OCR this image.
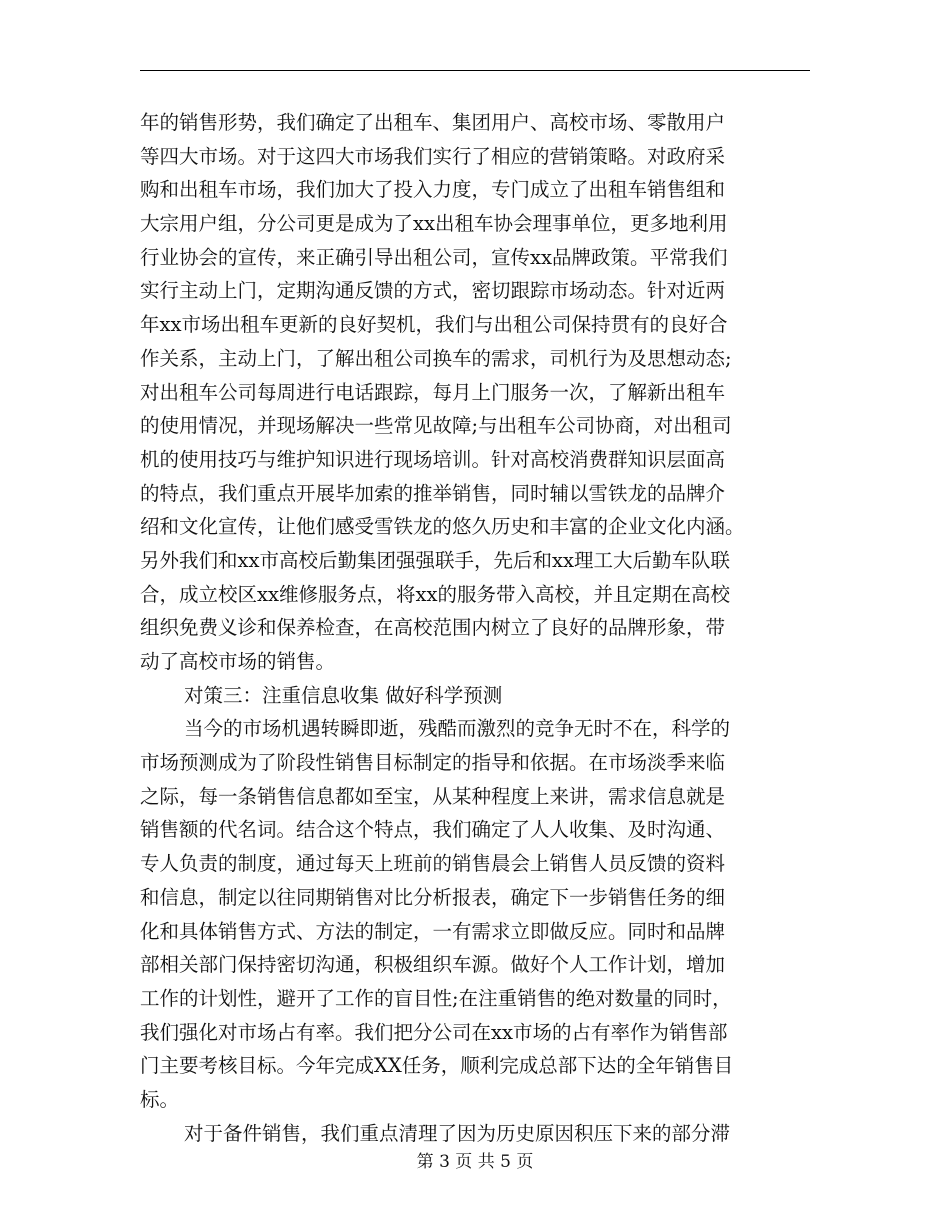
年的销售形势，我们确定了出租车、集团用户、高校市场、零散用户
等四大市场。对于这四大市场我们实行了相应的营销策略。对政府采
购和出租车市场，我们加大了投入力度，专门成立了出租车销售组和
大宗用户组，分公司更是成为了xx出租车协会理事单位，更多地利用
行业协会的宣传，来正确引导出租公司，宣传xx品牌政策。平常我们
实行主动上门，定期沟通反馈的方式，密切跟踪市场动态。针对近两
年xx市场出租车更新的良好契机，我们与出租公司保持贯有的良好合
作关系，主动上门，了解出租公司换车的需求，司机行为及思想动态;
对出租车公司每周进行电话跟踪，每月上门服务一次，了解新出租车
的使用情况，并现场解决一些常见故障;与出租车公司协商，对出租司
机的使用技巧与维护知识进行现场培训。针对高校消费群知识层面高
的特点，我们重点开展毕加索的推举销售，同时辅以雪铁龙的品牌介
绍和文化宣传，让他们感受雪铁龙的悠久历史和丰富的企业文化内涵。
另外我们和xx市高校后勤集团强强联手，先后和xx理工大后勤车队联
合，成立校区xx维修服务点，将xx的服务带入高校，并且定期在高校
组织免费义诊和保养检查，在高校范围内树立了良好的品牌形象，带
动了高校市场的销售。
对策三：注重信息收集 做好科学预测
当今的市场机遇转瞬即逝，残酷而激烈的竞争无时不在，科学的
市场预测成为了阶段性销售目标制定的指导和依据。在市场淡季来临
之际，每一条销售信息都如至宝，从某种程度上来讲，需求信息就是
销售额的代名词。结合这个特点，我们确定了人人收集、及时沟通、
专人负责的制度，通过每天上班前的销售晨会上销售人员反馈的资料
和信息，制定以往同期销售对比分析报表，确定下一步销售任务的细
化和具体销售方式、方法的制定，一有需求立即做反应。同时和品牌
部相关部门保持密切沟通，积极组织车源。做好个人工作计划，增加
工作的计划性，避开了工作的盲目性;在注重销售的绝对数量的同时，
我们强化对市场占有率。我们把分公司在xx市场的占有率作为销售部
门主要考核目标。今年完成XX任务，顺利完成总部下达的全年销售目
标。
对于备件销售，我们重点清理了因为历史原因积压下来的部分滞
第 3 页 共 5 页
